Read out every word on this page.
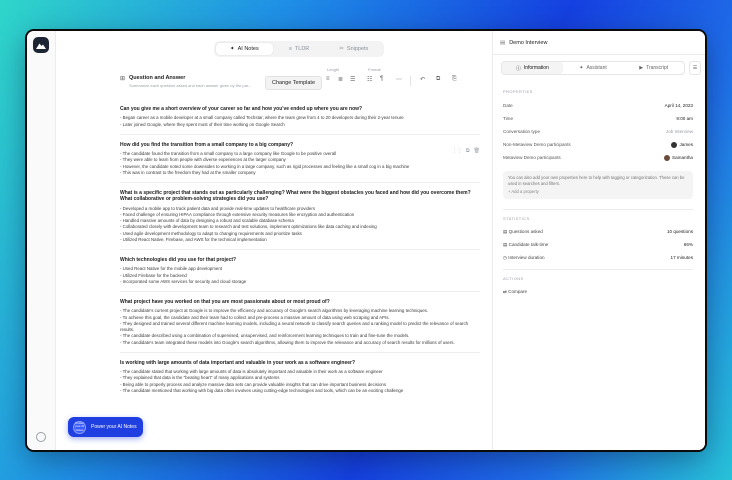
✦ AI Notes	≡ TLDR	✂ Snippets
⊞ Question and Answer
Summarize each question asked and each answer given by the par...	Change Template
Length
≡ ≣ ☰
Format
☷ ¶ ⋯	↶ ⧉ ⎘
Can you give me a short overview of your career so far and how you've ended up where you are now?
- Began career as a mobile developer at a small company called Techstar, where the team grew from 4 to 20 developers during their 2-year tenure
- Later joined Google, where they spent most of their time working on Google Search
⋮⋮ ⧉ 🗑
How did you find the transition from a small company to a big company?
- The candidate found the transition from a small company to a large company like Google to be positive overall
- They were able to learn from people with diverse experiences at the larger company
- However, the candidate noted some downsides to working in a large company, such as rigid processes and feeling like a small cog in a big machine
- This was in contrast to the freedom they had at the smaller company
What is a specific project that stands out as particularly challenging? What were the biggest obstacles you faced and how did you overcome them? What collaborative or problem-solving strategies did you use?
- Developed a mobile app to track patient data and provide real-time updates to healthcare providers
- Faced challenge of ensuring HIPAA compliance through extensive security measures like encryption and authentication
- Handled massive amounts of data by designing a robust and scalable database schema
- Collaborated closely with development team to research and test solutions, implement optimizations like data caching and indexing
- Used agile development methodology to adapt to changing requirements and prioritize tasks
- Utilized React Native, Firebase, and AWS for the technical implementation
Which technologies did you use for that project?
- Used React Native for the mobile app development
- Utilized Firebase for the backend
- Incorporated some AWS services for security and cloud storage
What project have you worked on that you are most passionate about or most proud of?
- The candidate's current project at Google is to improve the efficiency and accuracy of Google's search algorithms by leveraging machine learning techniques.
- To achieve this goal, the candidate and their team had to collect and pre-process a massive amount of data using web scraping and APIs.
- They designed and trained several different machine learning models, including a neural network to classify search queries and a ranking model to predict the relevance of search results.
- The candidate described using a combination of supervised, unsupervised, and reinforcement learning techniques to train and fine-tune the models.
- The candidate's team integrated these models into Google's search algorithms, allowing them to improve the relevance and accuracy of search results for millions of users.
Is working with large amounts of data important and valuable in your work as a software engineer?
- The candidate stated that working with large amounts of data is absolutely important and valuable in their work as a software engineer
- They explained that data is the "beating heart" of many applications and systems
- Being able to properly process and analyze massive data sets can provide valuable insights that can drive important business decisions
- The candidate mentioned that working with big data often involves using cutting-edge technologies and tools, which can be an exciting challenge
Power your AI Notes	Power your AI Notes
▤ Demo Interview
ⓘ Information	✦ Assistant	▶ Transcript	☰
PROPERTIES
Date	April 14, 2023
Time	9:00 am
Conversation type	Job Interview
Non-Metaview Demo participants	James
Metaview Demo participants	Samantha
You can also add your own properties here to help with tagging or categorization. These can be used in searches and filters.
+ Add a property
STATISTICS
▤ Questions asked	10 questions
▤ Candidate talk-time	66%
◷ Interview duration	17 minutes
ACTIONS
⇄ Compare
